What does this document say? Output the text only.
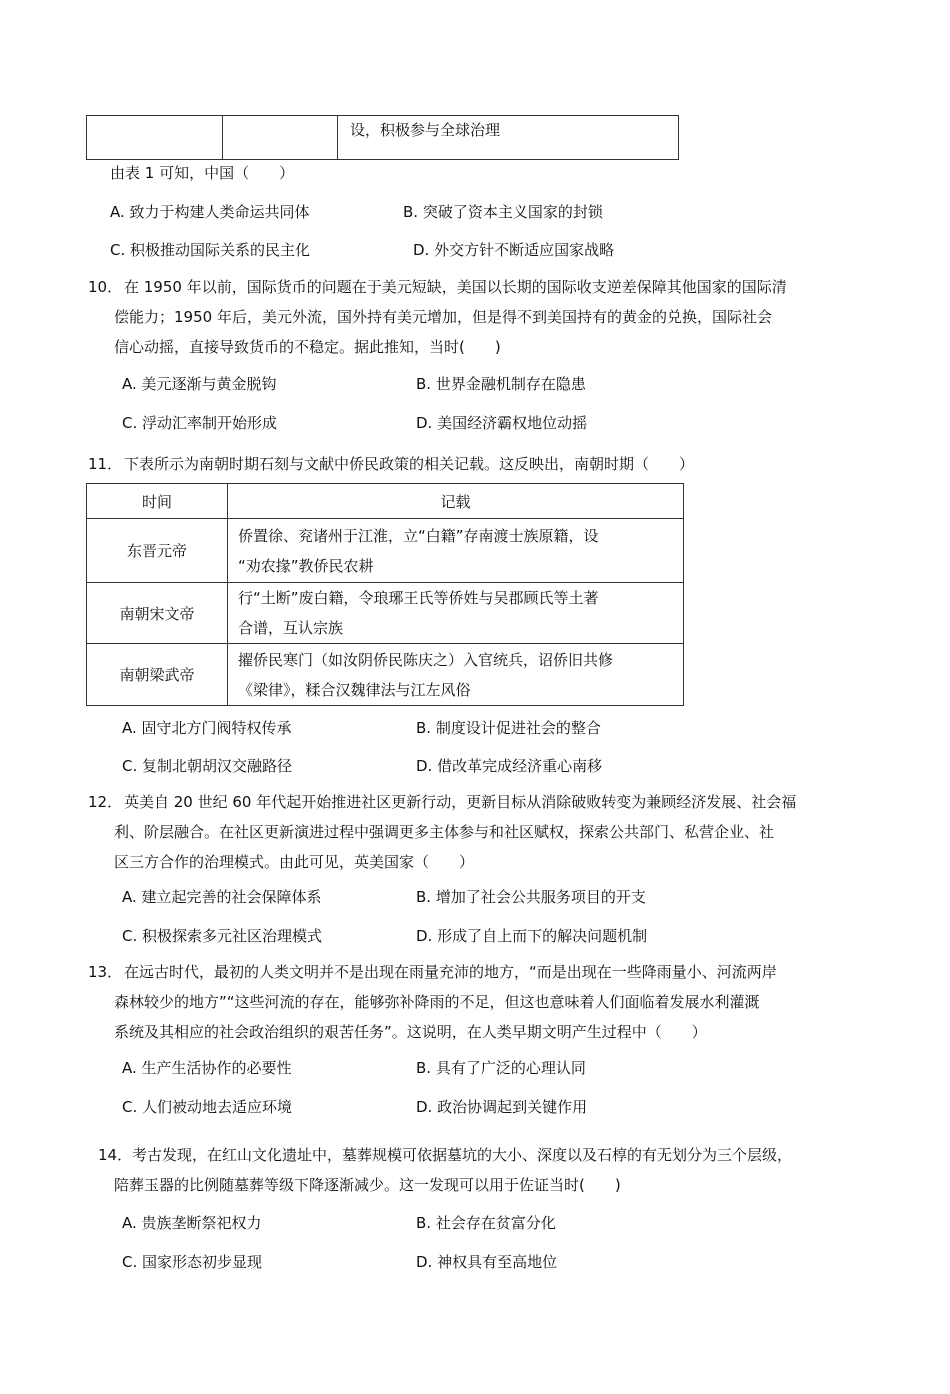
		设，积极参与全球治理
由表 1 可知，中国（　　）
A. 致力于构建人类命运共同体	B. 突破了资本主义国家的封锁
C. 积极推动国际关系的民主化	D. 外交方针不断适应国家战略
10． 在 1950 年以前，国际货币的问题在于美元短缺，美国以长期的国际收支逆差保障其他国家的国际清
偿能力；1950 年后，美元外流，国外持有美元增加，但是得不到美国持有的黄金的兑换，国际社会
信心动摇，直接导致货币的不稳定。据此推知，当时(　　)
A. 美元逐渐与黄金脱钩	B. 世界金融机制存在隐患
C. 浮动汇率制开始形成	D. 美国经济霸权地位动摇
11． 下表所示为南朝时期石刻与文献中侨民政策的相关记载。这反映出，南朝时期（　　）
时间	记载
东晋元帝	侨置徐、兖诸州于江淮，立“白籍”存南渡士族原籍，设
“劝农掾”教侨民农耕

南朝宋文帝	行“土断”废白籍，令琅琊王氏等侨姓与吴郡顾氏等土著
合谱，互认宗族

南朝梁武帝	擢侨民寒门（如汝阴侨民陈庆之）入官统兵，诏侨旧共修
《梁律》，糅合汉魏律法与江左风俗
A. 固守北方门阀特权传承	B. 制度设计促进社会的整合
C. 复制北朝胡汉交融路径	D. 借改革完成经济重心南移
12． 英美自 20 世纪 60 年代起开始推进社区更新行动，更新目标从消除破败转变为兼顾经济发展、社会福
利、阶层融合。在社区更新演进过程中强调更多主体参与和社区赋权，探索公共部门、私营企业、社
区三方合作的治理模式。由此可见，英美国家（　　）
A. 建立起完善的社会保障体系	B. 增加了社会公共服务项目的开支
C. 积极探索多元社区治理模式	D. 形成了自上而下的解决问题机制
13． 在远古时代，最初的人类文明并不是出现在雨量充沛的地方，“而是出现在一些降雨量小、河流两岸
森林较少的地方”“这些河流的存在，能够弥补降雨的不足，但这也意味着人们面临着发展水利灌溉
系统及其相应的社会政治组织的艰苦任务”。这说明，在人类早期文明产生过程中（　　）
A. 生产生活协作的必要性	B. 具有了广泛的心理认同
C. 人们被动地去适应环境	D. 政治协调起到关键作用
14． 考古发现，在红山文化遗址中，墓葬规模可依据墓坑的大小、深度以及石椁的有无划分为三个层级，
陪葬玉器的比例随墓葬等级下降逐渐减少。这一发现可以用于佐证当时(　　)
A. 贵族垄断祭祀权力	B. 社会存在贫富分化
C. 国家形态初步显现	D. 神权具有至高地位
